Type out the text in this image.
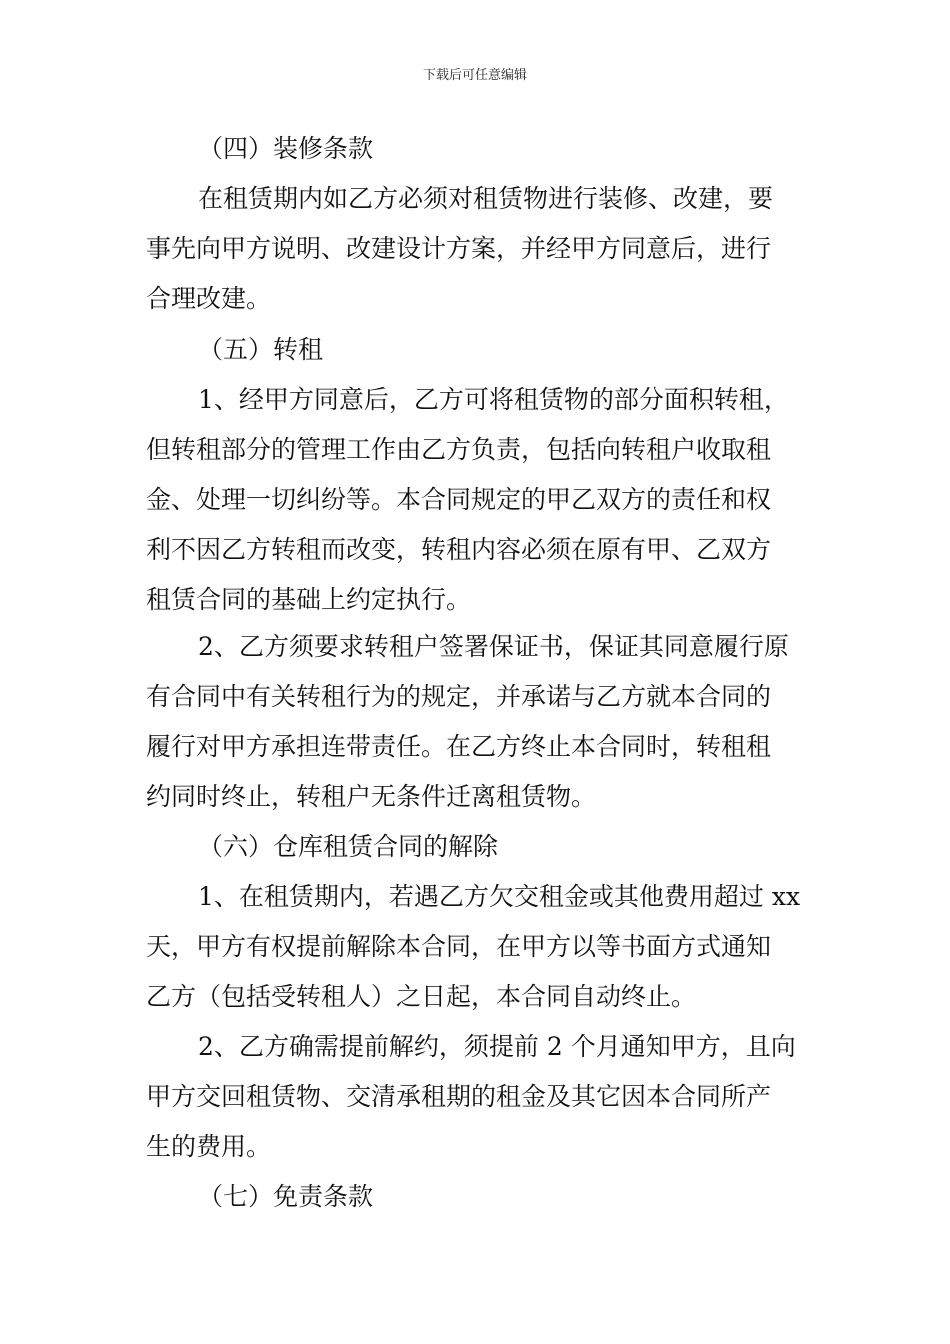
下载后可任意编辑
（四）装修条款
在租赁期内如乙方必须对租赁物进行装修、改建，要
事先向甲方说明、改建设计方案，并经甲方同意后，进行
合理改建。
（五）转租
1、经甲方同意后，乙方可将租赁物的部分面积转租，
但转租部分的管理工作由乙方负责，包括向转租户收取租
金、处理一切纠纷等。本合同规定的甲乙双方的责任和权
利不因乙方转租而改变，转租内容必须在原有甲、乙双方
租赁合同的基础上约定执行。
2、乙方须要求转租户签署保证书，保证其同意履行原
有合同中有关转租行为的规定，并承诺与乙方就本合同的
履行对甲方承担连带责任。在乙方终止本合同时，转租租
约同时终止，转租户无条件迁离租赁物。
（六）仓库租赁合同的解除
1、在租赁期内，若遇乙方欠交租金或其他费用超过 xx
天，甲方有权提前解除本合同，在甲方以等书面方式通知
乙方（包括受转租人）之日起，本合同自动终止。
2、乙方确需提前解约，须提前 2 个月通知甲方，且向
甲方交回租赁物、交清承租期的租金及其它因本合同所产
生的费用。
（七）免责条款
